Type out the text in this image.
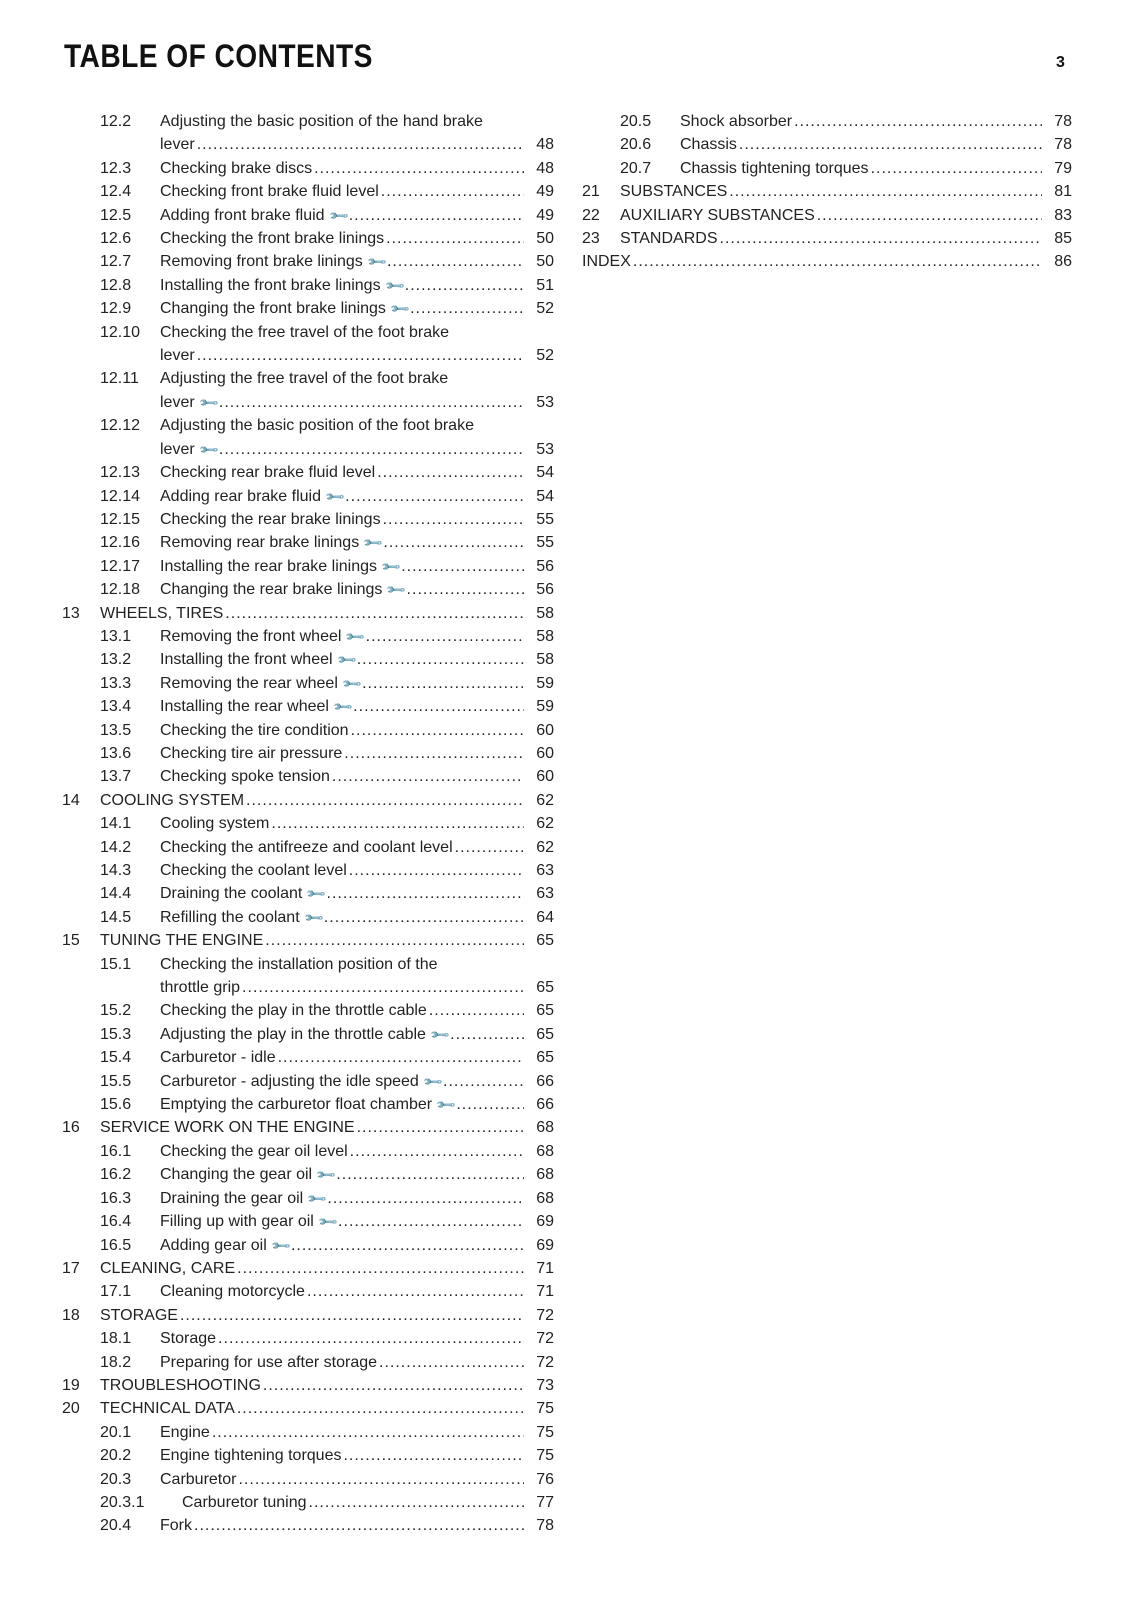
TABLE OF CONTENTS	3
12.2	Adjusting the basic position of the hand brake
lever .....	48
12.3	Checking brake discs .....	48
12.4	Checking front brake fluid level .....	49
12.5	Adding front brake fluid 🔧 .....	49
12.6	Checking the front brake linings .....	50
12.7	Removing front brake linings 🔧 .....	50
12.8	Installing the front brake linings 🔧 .....	51
12.9	Changing the front brake linings 🔧 .....	52
12.10	Checking the free travel of the foot brake
lever .....	52
12.11	Adjusting the free travel of the foot brake
lever 🔧 .....	53
12.12	Adjusting the basic position of the foot brake
lever 🔧 .....	53
12.13	Checking rear brake fluid level .....	54
12.14	Adding rear brake fluid 🔧 .....	54
12.15	Checking the rear brake linings .....	55
12.16	Removing rear brake linings 🔧 .....	55
12.17	Installing the rear brake linings 🔧 .....	56
12.18	Changing the rear brake linings 🔧 .....	56
13	WHEELS, TIRES .....	58
13.1	Removing the front wheel 🔧 .....	58
13.2	Installing the front wheel 🔧 .....	58
13.3	Removing the rear wheel 🔧 .....	59
13.4	Installing the rear wheel 🔧 .....	59
13.5	Checking the tire condition .....	60
13.6	Checking tire air pressure .....	60
13.7	Checking spoke tension .....	60
14	COOLING SYSTEM .....	62
14.1	Cooling system .....	62
14.2	Checking the antifreeze and coolant level .....	62
14.3	Checking the coolant level .....	63
14.4	Draining the coolant 🔧 .....	63
14.5	Refilling the coolant 🔧 .....	64
15	TUNING THE ENGINE .....	65
15.1	Checking the installation position of the
throttle grip .....	65
15.2	Checking the play in the throttle cable .....	65
15.3	Adjusting the play in the throttle cable 🔧 .....	65
15.4	Carburetor - idle .....	65
15.5	Carburetor - adjusting the idle speed 🔧 .....	66
15.6	Emptying the carburetor float chamber 🔧 .....	66
16	SERVICE WORK ON THE ENGINE .....	68
16.1	Checking the gear oil level .....	68
16.2	Changing the gear oil 🔧 .....	68
16.3	Draining the gear oil 🔧 .....	68
16.4	Filling up with gear oil 🔧 .....	69
16.5	Adding gear oil 🔧 .....	69
17	CLEANING, CARE .....	71
17.1	Cleaning motorcycle .....	71
18	STORAGE .....	72
18.1	Storage .....	72
18.2	Preparing for use after storage .....	72
19	TROUBLESHOOTING .....	73
20	TECHNICAL DATA .....	75
20.1	Engine .....	75
20.2	Engine tightening torques .....	75
20.3	Carburetor .....	76
20.3.1	Carburetor tuning .....	77
20.4	Fork .....	78
20.5	Shock absorber .....	78
20.6	Chassis .....	78
20.7	Chassis tightening torques .....	79
21	SUBSTANCES .....	81
22	AUXILIARY SUBSTANCES .....	83
23	STANDARDS .....	85
INDEX .....	86
